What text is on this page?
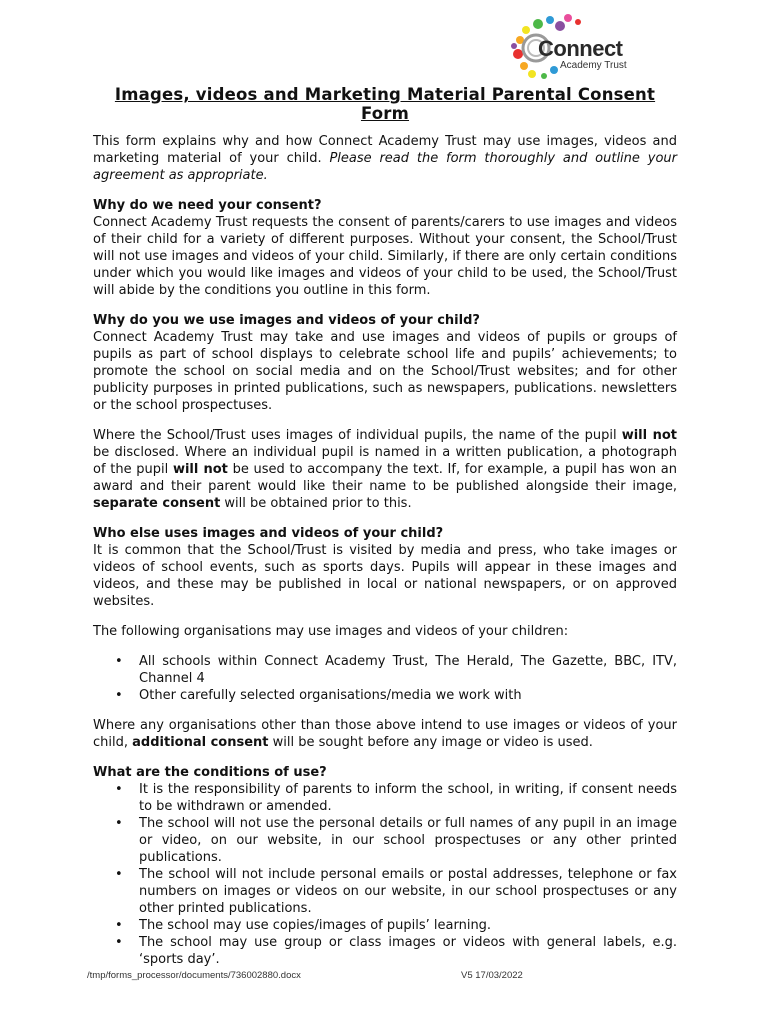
Connect
Academy Trust
Images, videos and Marketing Material Parental Consent Form

This form explains why and how Connect Academy Trust may use images, videos and marketing material of your child. Please read the form thoroughly and outline your agreement as appropriate.

Why do we need your consent?
Connect Academy Trust requests the consent of parents/carers to use images and videos of their child for a variety of different purposes. Without your consent, the School/Trust will not use images and videos of your child. Similarly, if there are only certain conditions under which you would like images and videos of your child to be used, the School/Trust will abide by the conditions you outline in this form.
Why do you we use images and videos of your child?
Connect Academy Trust may take and use images and videos of pupils or groups of pupils as part of school displays to celebrate school life and pupils’ achievements; to promote the school on social media and on the School/Trust websites; and for other publicity purposes in printed publications, such as newspapers, publications. newsletters or the school prospectuses.

Where the School/Trust uses images of individual pupils, the name of the pupil will not be disclosed. Where an individual pupil is named in a written publication, a photograph of the pupil will not be used to accompany the text. If, for example, a pupil has won an award and their parent would like their name to be published alongside their image, separate consent will be obtained prior to this.

Who else uses images and videos of your child?
It is common that the School/Trust is visited by media and press, who take images or videos of school events, such as sports days. Pupils will appear in these images and videos, and these may be published in local or national newspapers, or on approved websites.

The following organisations may use images and videos of your children:

• All schools within Connect Academy Trust, The Herald, The Gazette, BBC, ITV, Channel 4
• Other carefully selected organisations/media we work with

Where any organisations other than those above intend to use images or videos of your child, additional consent will be sought before any image or video is used.

What are the conditions of use?
• It is the responsibility of parents to inform the school, in writing, if consent needs to be withdrawn or amended.
• The school will not use the personal details or full names of any pupil in an image or video, on our website, in our school prospectuses or any other printed publications.
• The school will not include personal emails or postal addresses, telephone or fax numbers on images or videos on our website, in our school prospectuses or any other printed publications.
• The school may use copies/images of pupils’ learning.
• The school may use group or class images or videos with general labels, e.g. ‘sports day’.
/tmp/forms_processor/documents/736002880.docx	V5 17/03/2022
